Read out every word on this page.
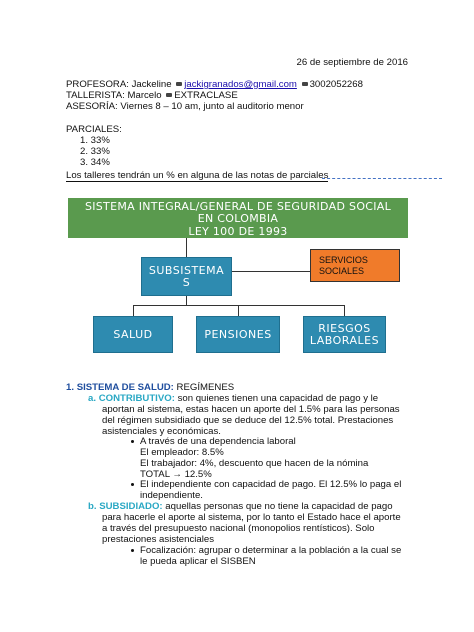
26 de septiembre de 2016
PROFESORA: Jackeline jackigranados@gmail.com 3002052268
TALLERISTA: Marcelo EXTRACLASE
ASESORÍA: Viernes 8 – 10 am, junto al auditorio menor
PARCIALES:
1. 33%
2. 33%
3. 34%
Los talleres tendrán un % en alguna de las notas de parciales
SISTEMA INTEGRAL/GENERAL DE SEGURIDAD SOCIAL
EN COLOMBIA
LEY 100 DE 1993
SUBSISTEMA
S
SERVICIOS
SOCIALES
SALUD	PENSIONES	RIESGOS
LABORALES
1. SISTEMA DE SALUD: REGÍMENES
a. CONTRIBUTIVO: son quienes tienen una capacidad de pago y le
aportan al sistema, estas hacen un aporte del 1.5% para las personas
del régimen subsidiado que se deduce del 12.5% total. Prestaciones
asistenciales y económicas.
A través de una dependencia laboral
El empleador: 8.5%
El trabajador: 4%, descuento que hacen de la nómina
TOTAL → 12.5%
El independiente con capacidad de pago. El 12.5% lo paga el
independiente.
b. SUBSIDIADO: aquellas personas que no tiene la capacidad de pago
para hacerle el aporte al sistema, por lo tanto el Estado hace el aporte
a través del presupuesto nacional (monopolios rentísticos). Solo
prestaciones asistenciales
Focalización: agrupar o determinar a la población a la cual se
le pueda aplicar el SISBEN
